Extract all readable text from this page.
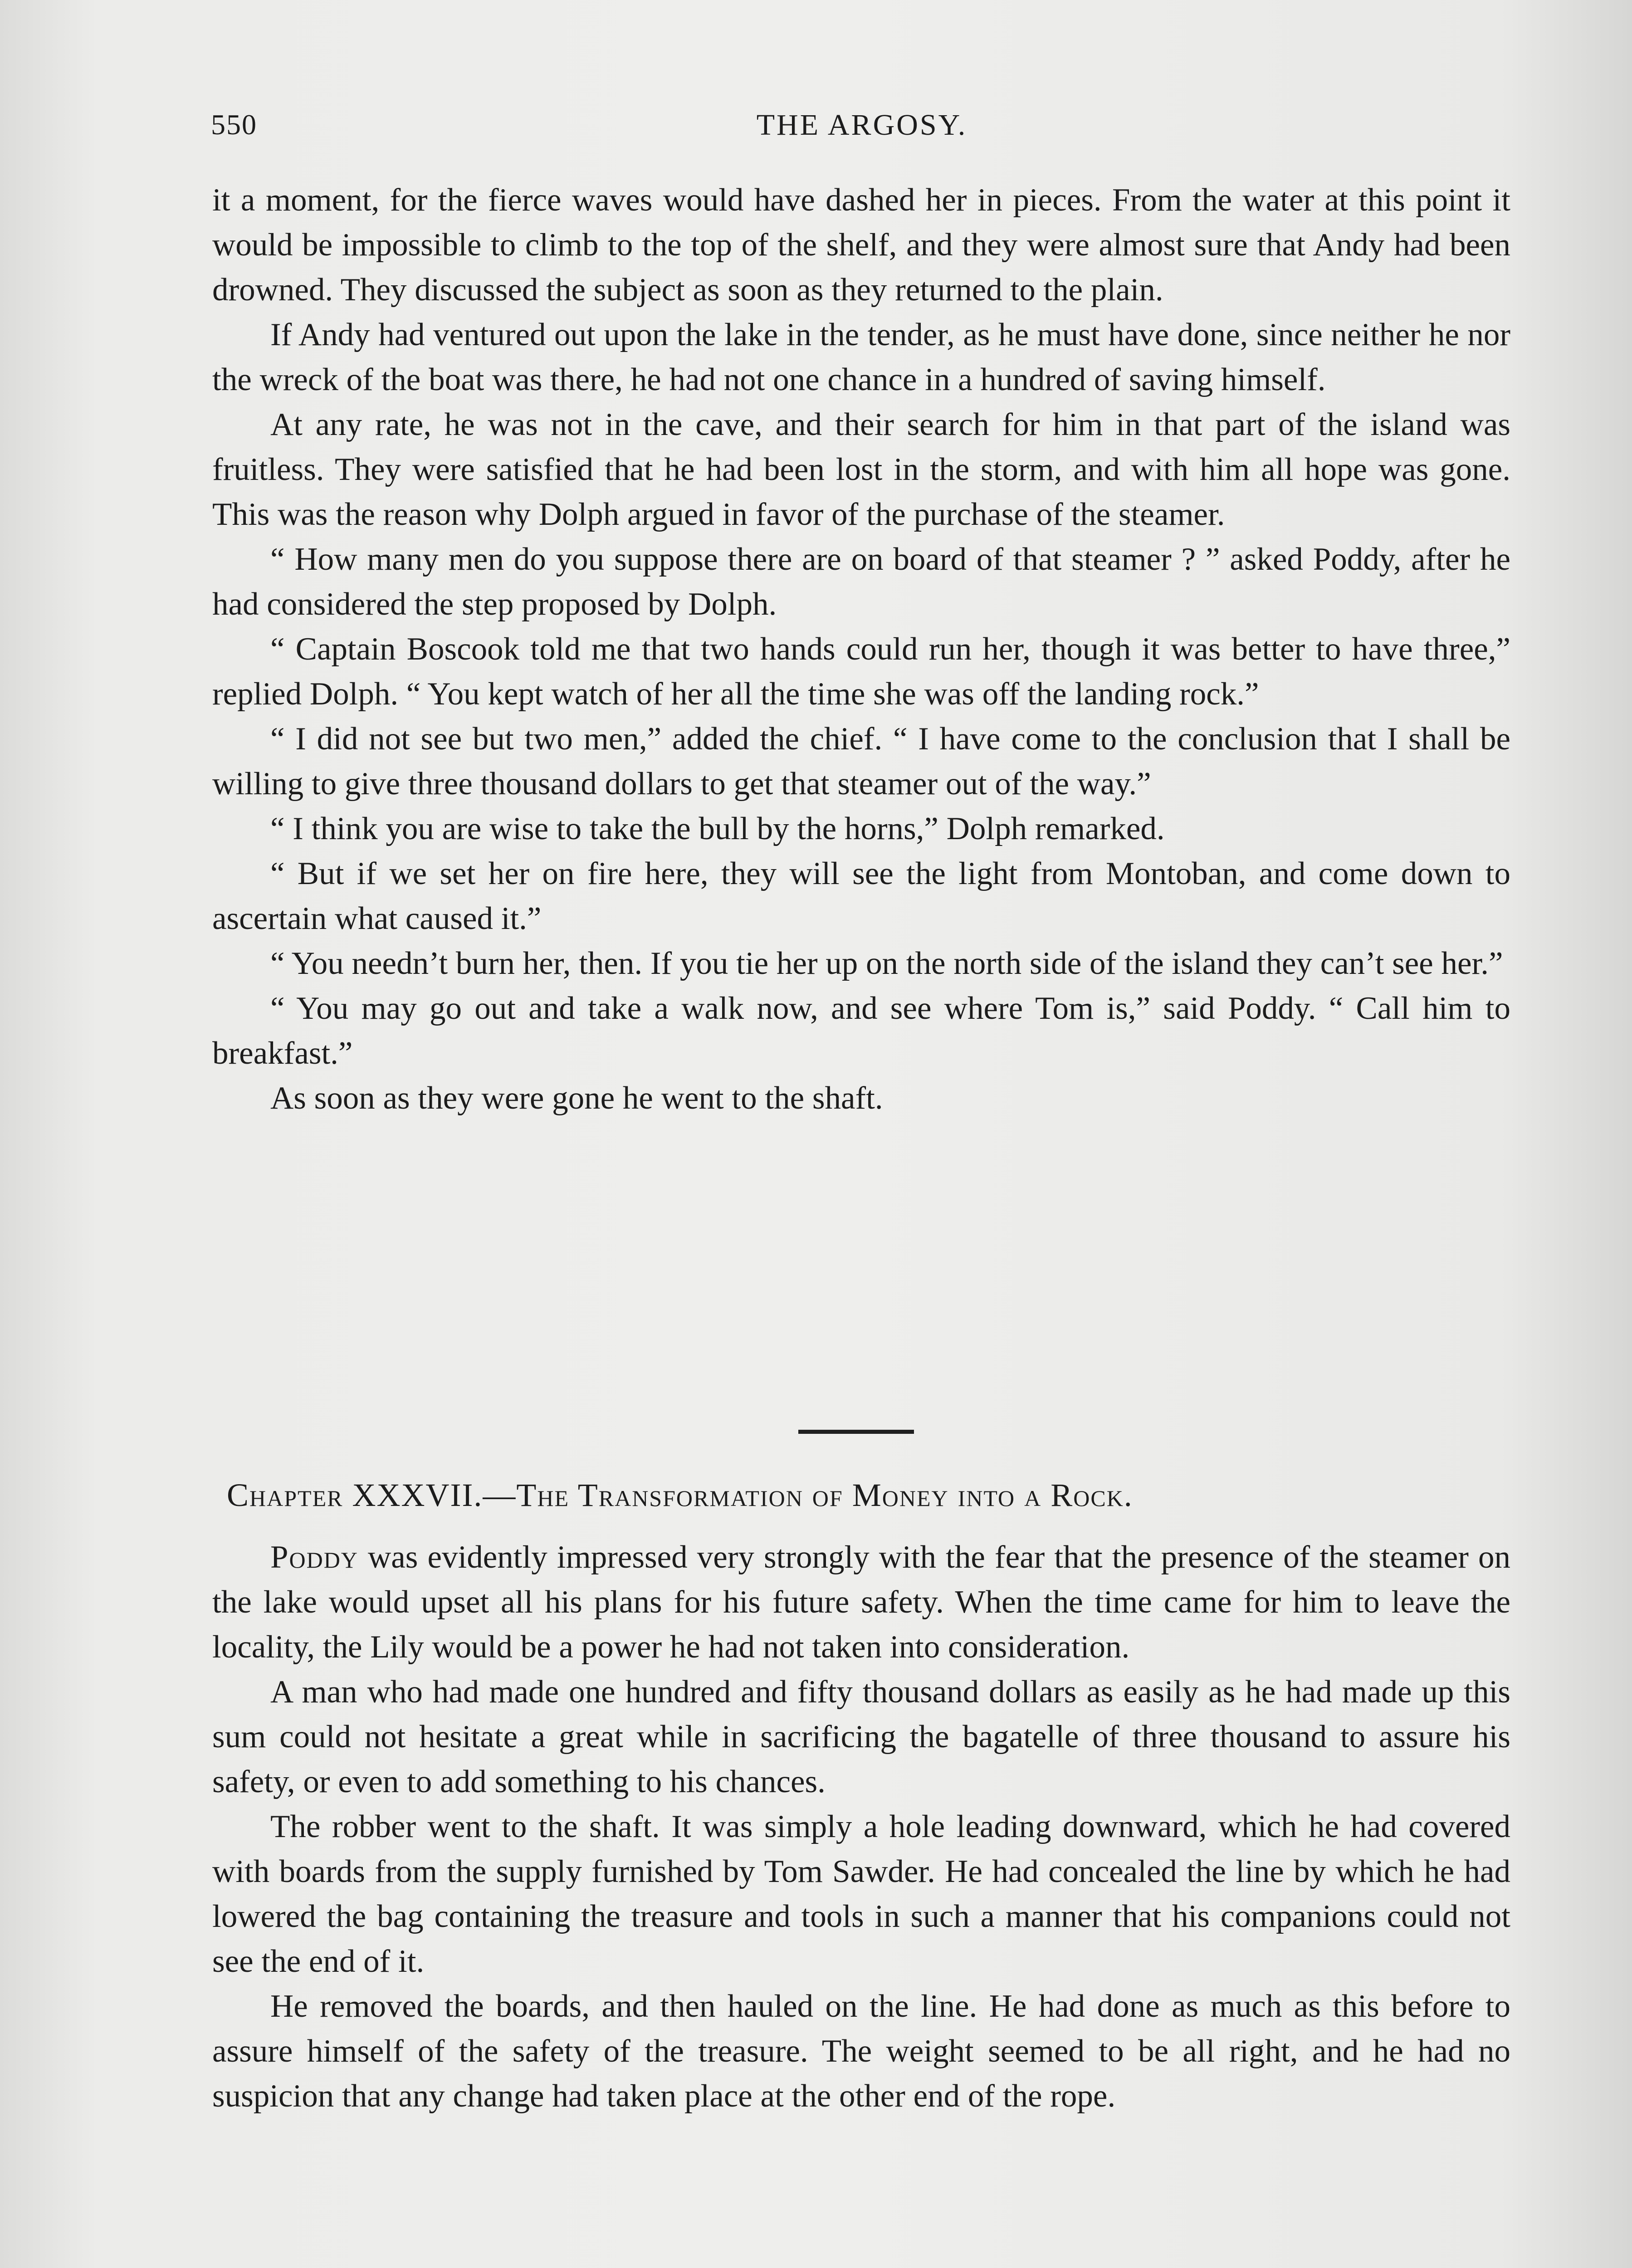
550	THE ARGOSY.

it a moment, for the fierce waves would have dashed her in pieces. From the water at this point it would be impossible to climb to the top of the shelf, and they were almost sure that Andy had been drowned. They discussed the subject as soon as they returned to the plain.

If Andy had ventured out upon the lake in the tender, as he must have done, since neither he nor the wreck of the boat was there, he had not one chance in a hundred of saving himself.

At any rate, he was not in the cave, and their search for him in that part of the island was fruitless. They were satisfied that he had been lost in the storm, and with him all hope was gone. This was the reason why Dolph argued in favor of the purchase of the steamer.

“ How many men do you suppose there are on board of that steamer ? ” asked Poddy, after he had considered the step proposed by Dolph.

“ Captain Boscook told me that two hands could run her, though it was better to have three,” replied Dolph. “ You kept watch of her all the time she was off the landing rock.”

“ I did not see but two men,” added the chief. “ I have come to the conclusion that I shall be willing to give three thousand dollars to get that steamer out of the way.”

“ I think you are wise to take the bull by the horns,” Dolph remarked.

“ But if we set her on fire here, they will see the light from Montoban, and come down to ascertain what caused it.”

“ You needn’t burn her, then. If you tie her up on the north side of the island they can’t see her.”

“ You may go out and take a walk now, and see where Tom is,” said Poddy. “ Call him to breakfast.”

As soon as they were gone he went to the shaft.

Chapter XXXVII.—The Transformation of Money into a Rock.

Poddy was evidently impressed very strongly with the fear that the presence of the steamer on the lake would upset all his plans for his future safety. When the time came for him to leave the locality, the Lily would be a power he had not taken into consideration.

A man who had made one hundred and fifty thousand dollars as easily as he had made up this sum could not hesitate a great while in sacrificing the bagatelle of three thousand to assure his safety, or even to add something to his chances.

The robber went to the shaft. It was simply a hole leading downward, which he had covered with boards from the supply furnished by Tom Sawder. He had concealed the line by which he had lowered the bag containing the treasure and tools in such a manner that his companions could not see the end of it.

He removed the boards, and then hauled on the line. He had done as much as this before to assure himself of the safety of the treasure. The weight seemed to be all right, and he had no suspicion that any change had taken place at the other end of the rope.
